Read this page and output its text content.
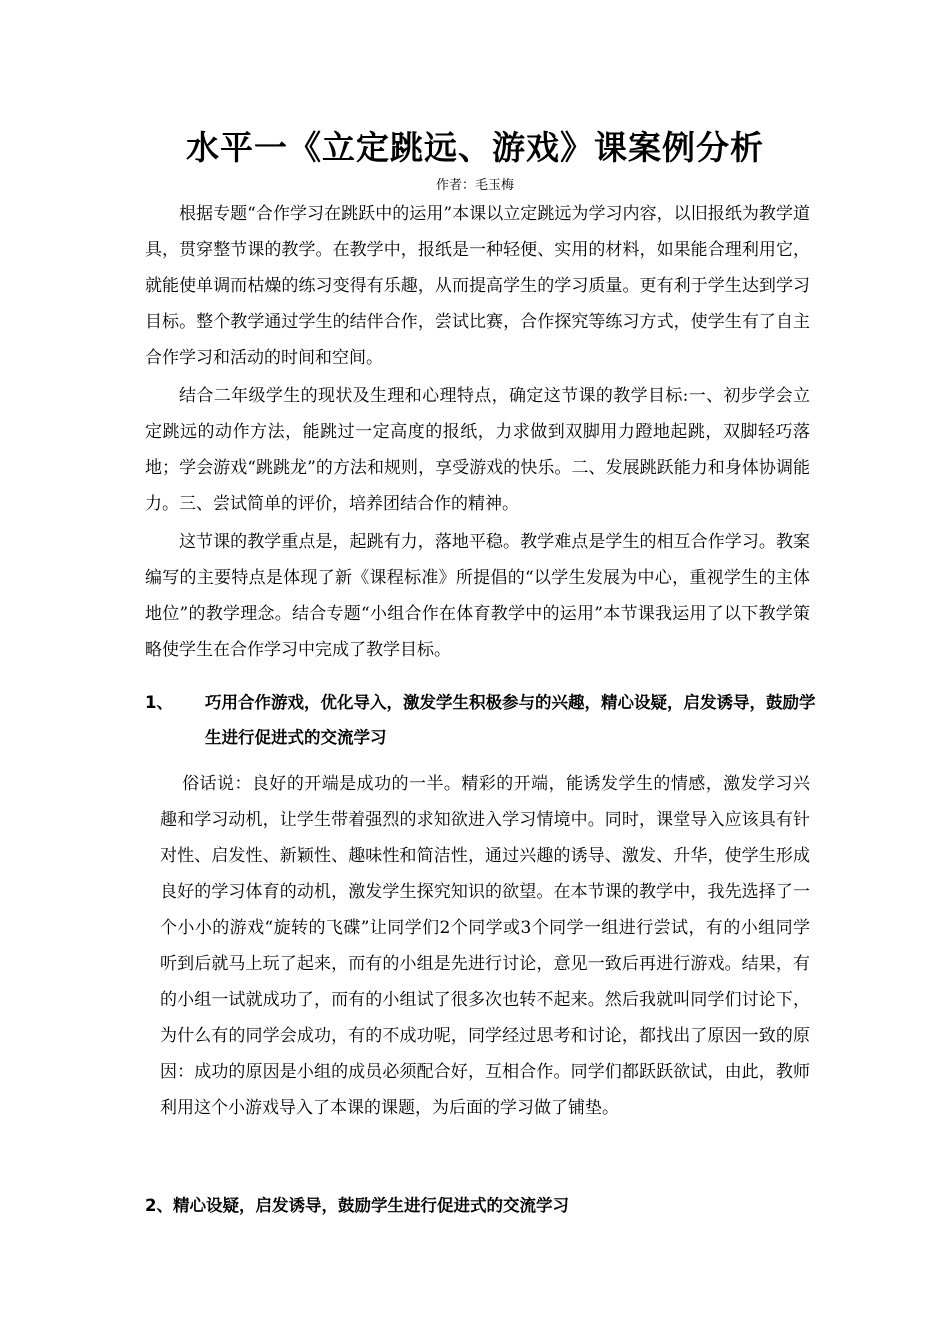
水平一《立定跳远、游戏》课案例分析
作者：毛玉梅

根据专题“合作学习在跳跃中的运用”本课以立定跳远为学习内容，以旧报纸为教学道具，贯穿整节课的教学。在教学中，报纸是一种轻便、实用的材料，如果能合理利用它，就能使单调而枯燥的练习变得有乐趣，从而提高学生的学习质量。更有利于学生达到学习目标。整个教学通过学生的结伴合作，尝试比赛，合作探究等练习方式，使学生有了自主合作学习和活动的时间和空间。

结合二年级学生的现状及生理和心理特点，确定这节课的教学目标:一、初步学会立定跳远的动作方法，能跳过一定高度的报纸，力求做到双脚用力蹬地起跳，双脚轻巧落地；学会游戏“跳跳龙”的方法和规则，享受游戏的快乐。二、发展跳跃能力和身体协调能力。三、尝试简单的评价，培养团结合作的精神。

这节课的教学重点是，起跳有力，落地平稳。教学难点是学生的相互合作学习。教案编写的主要特点是体现了新《课程标准》所提倡的“以学生发展为中心，重视学生的主体地位”的教学理念。结合专题“小组合作在体育教学中的运用”本节课我运用了以下教学策略使学生在合作学习中完成了教学目标。

1、	巧用合作游戏，优化导入，激发学生积极参与的兴趣，精心设疑，启发诱导，鼓励学生进行促进式的交流学习

俗话说：良好的开端是成功的一半。精彩的开端，能诱发学生的情感，激发学习兴趣和学习动机，让学生带着强烈的求知欲进入学习情境中。同时，课堂导入应该具有针对性、启发性、新颖性、趣味性和简洁性，通过兴趣的诱导、激发、升华，使学生形成良好的学习体育的动机，激发学生探究知识的欲望。在本节课的教学中，我先选择了一个小小的游戏“旋转的飞碟”让同学们2个同学或3个同学一组进行尝试，有的小组同学听到后就马上玩了起来，而有的小组是先进行讨论，意见一致后再进行游戏。结果，有的小组一试就成功了，而有的小组试了很多次也转不起来。然后我就叫同学们讨论下，为什么有的同学会成功，有的不成功呢，同学经过思考和讨论，都找出了原因一致的原因：成功的原因是小组的成员必须配合好，互相合作。同学们都跃跃欲试，由此，教师利用这个小游戏导入了本课的课题，为后面的学习做了铺垫。

2、精心设疑，启发诱导，鼓励学生进行促进式的交流学习
